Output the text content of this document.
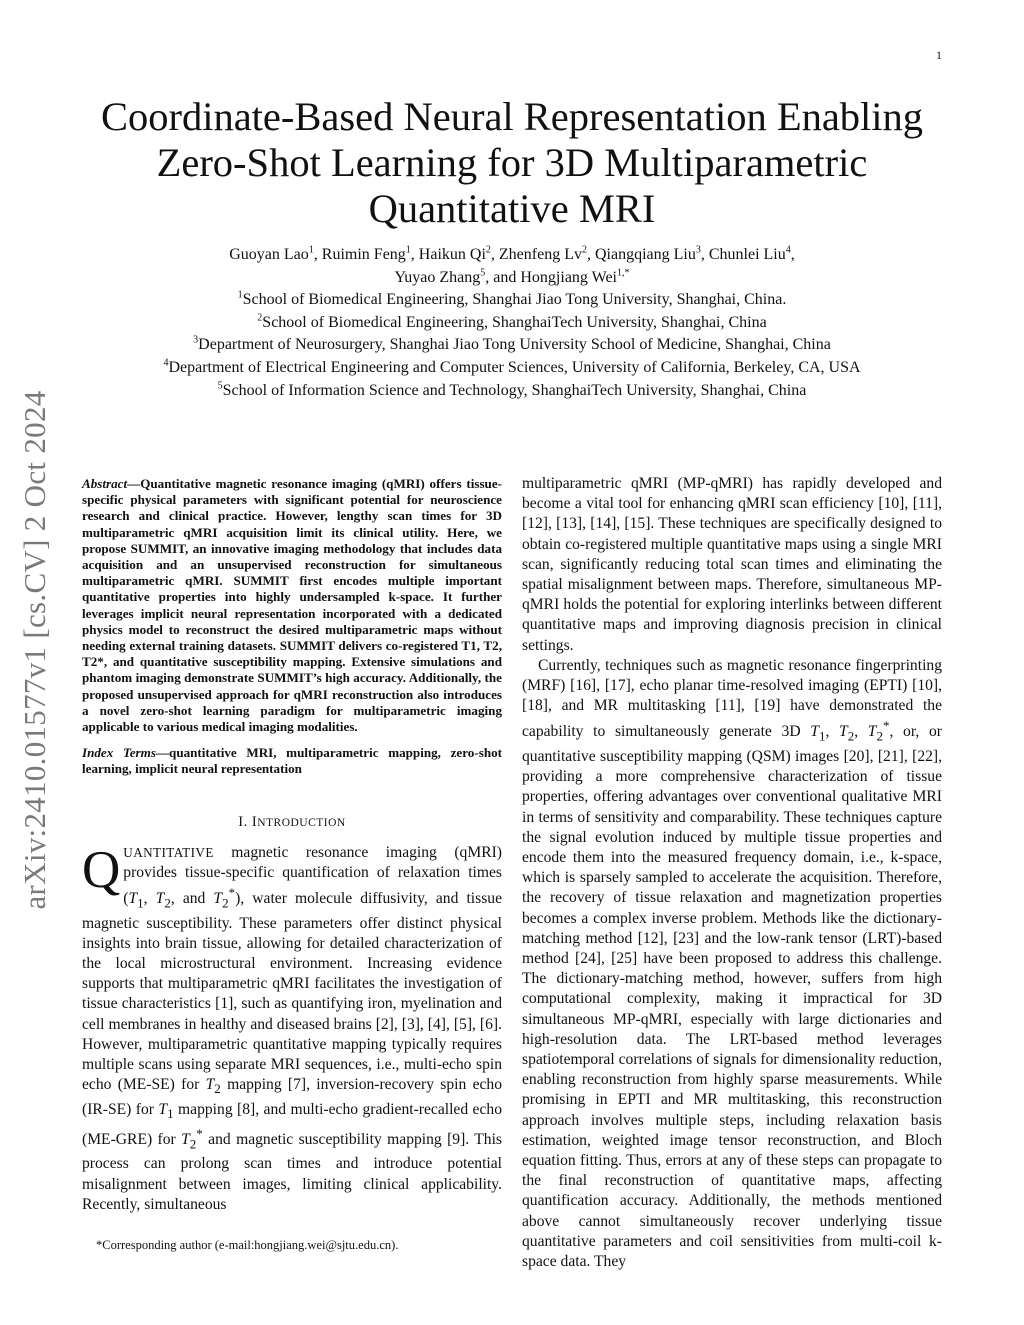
1
arXiv:2410.01577v1 [cs.CV] 2 Oct 2024
Coordinate-Based Neural Representation Enabling Zero-Shot Learning for 3D Multiparametric Quantitative MRI
Guoyan Lao$^1$, Ruimin Feng$^1$, Haikun Qi$^2$, Zhenfeng Lv$^2$, Qiangqiang Liu$^3$, Chunlei Liu$^4$,
Yuyao Zhang$^5$, and Hongjiang Wei$^{1,*}$
$^1$School of Biomedical Engineering, Shanghai Jiao Tong University, Shanghai, China.
$^2$School of Biomedical Engineering, ShanghaiTech University, Shanghai, China
$^3$Department of Neurosurgery, Shanghai Jiao Tong University School of Medicine, Shanghai, China
$^4$Department of Electrical Engineering and Computer Sciences, University of California, Berkeley, CA, USA
$^5$School of Information Science and Technology, ShanghaiTech University, Shanghai, China

Abstract—Quantitative magnetic resonance imaging (qMRI) offers tissue-specific physical parameters with significant potential for neuroscience research and clinical practice. However, lengthy scan times for 3D multiparametric qMRI acquisition limit its clinical utility. Here, we propose SUMMIT, an innovative imaging methodology that includes data acquisition and an unsupervised reconstruction for simultaneous multiparametric qMRI. SUMMIT first encodes multiple important quantitative properties into highly undersampled k-space. It further leverages implicit neural representation incorporated with a dedicated physics model to reconstruct the desired multiparametric maps without needing external training datasets. SUMMIT delivers co-registered T1, T2, T2*, and quantitative susceptibility mapping. Extensive simulations and phantom imaging demonstrate SUMMIT’s high accuracy. Additionally, the proposed unsupervised approach for qMRI reconstruction also introduces a novel zero-shot learning paradigm for multiparametric imaging applicable to various medical imaging modalities.

Index Terms—quantitative MRI, multiparametric mapping, zero-shot learning, implicit neural representation

I. INTRODUCTION

QUANTITATIVE magnetic resonance imaging (qMRI) provides tissue-specific quantification of relaxation times ($T_1$, $T_2$, and $T_2^*$), water molecule diffusivity, and tissue magnetic susceptibility. These parameters offer distinct physical insights into brain tissue, allowing for detailed characterization of the local microstructural environment. Increasing evidence supports that multiparametric qMRI facilitates the investigation of tissue characteristics [1], such as quantifying iron, myelination and cell membranes in healthy and diseased brains [2], [3], [4], [5], [6]. However, multiparametric quantitative mapping typically requires multiple scans using separate MRI sequences, i.e., multi-echo spin echo (ME-SE) for $T_2$ mapping [7], inversion-recovery spin echo (IR-SE) for $T_1$ mapping [8], and multi-echo gradient-recalled echo (ME-GRE) for $T_2^*$ and magnetic susceptibility mapping [9]. This process can prolong scan times and introduce potential misalignment between images, limiting clinical applicability. Recently, simultaneous

multiparametric qMRI (MP-qMRI) has rapidly developed and become a vital tool for enhancing qMRI scan efficiency [10], [11], [12], [13], [14], [15]. These techniques are specifically designed to obtain co-registered multiple quantitative maps using a single MRI scan, significantly reducing total scan times and eliminating the spatial misalignment between maps. Therefore, simultaneous MP-qMRI holds the potential for exploring interlinks between different quantitative maps and improving diagnosis precision in clinical settings.

Currently, techniques such as magnetic resonance fingerprinting (MRF) [16], [17], echo planar time-resolved imaging (EPTI) [10], [18], and MR multitasking [11], [19] have demonstrated the capability to simultaneously generate 3D $T_1$, $T_2$, $T_2^*$, or, or quantitative susceptibility mapping (QSM) images [20], [21], [22], providing a more comprehensive characterization of tissue properties, offering advantages over conventional qualitative MRI in terms of sensitivity and comparability. These techniques capture the signal evolution induced by multiple tissue properties and encode them into the measured frequency domain, i.e., k-space, which is sparsely sampled to accelerate the acquisition. Therefore, the recovery of tissue relaxation and magnetization properties becomes a complex inverse problem. Methods like the dictionary-matching method [12], [23] and the low-rank tensor (LRT)-based method [24], [25] have been proposed to address this challenge. The dictionary-matching method, however, suffers from high computational complexity, making it impractical for 3D simultaneous MP-qMRI, especially with large dictionaries and high-resolution data. The LRT-based method leverages spatiotemporal correlations of signals for dimensionality reduction, enabling reconstruction from highly sparse measurements. While promising in EPTI and MR multitasking, this reconstruction approach involves multiple steps, including relaxation basis estimation, weighted image tensor reconstruction, and Bloch equation fitting. Thus, errors at any of these steps can propagate to the final reconstruction of quantitative maps, affecting quantification accuracy. Additionally, the methods mentioned above cannot simultaneously recover underlying tissue quantitative parameters and coil sensitivities from multi-coil k-space data. They

*Corresponding author (e-mail:hongjiang.wei@sjtu.edu.cn).
